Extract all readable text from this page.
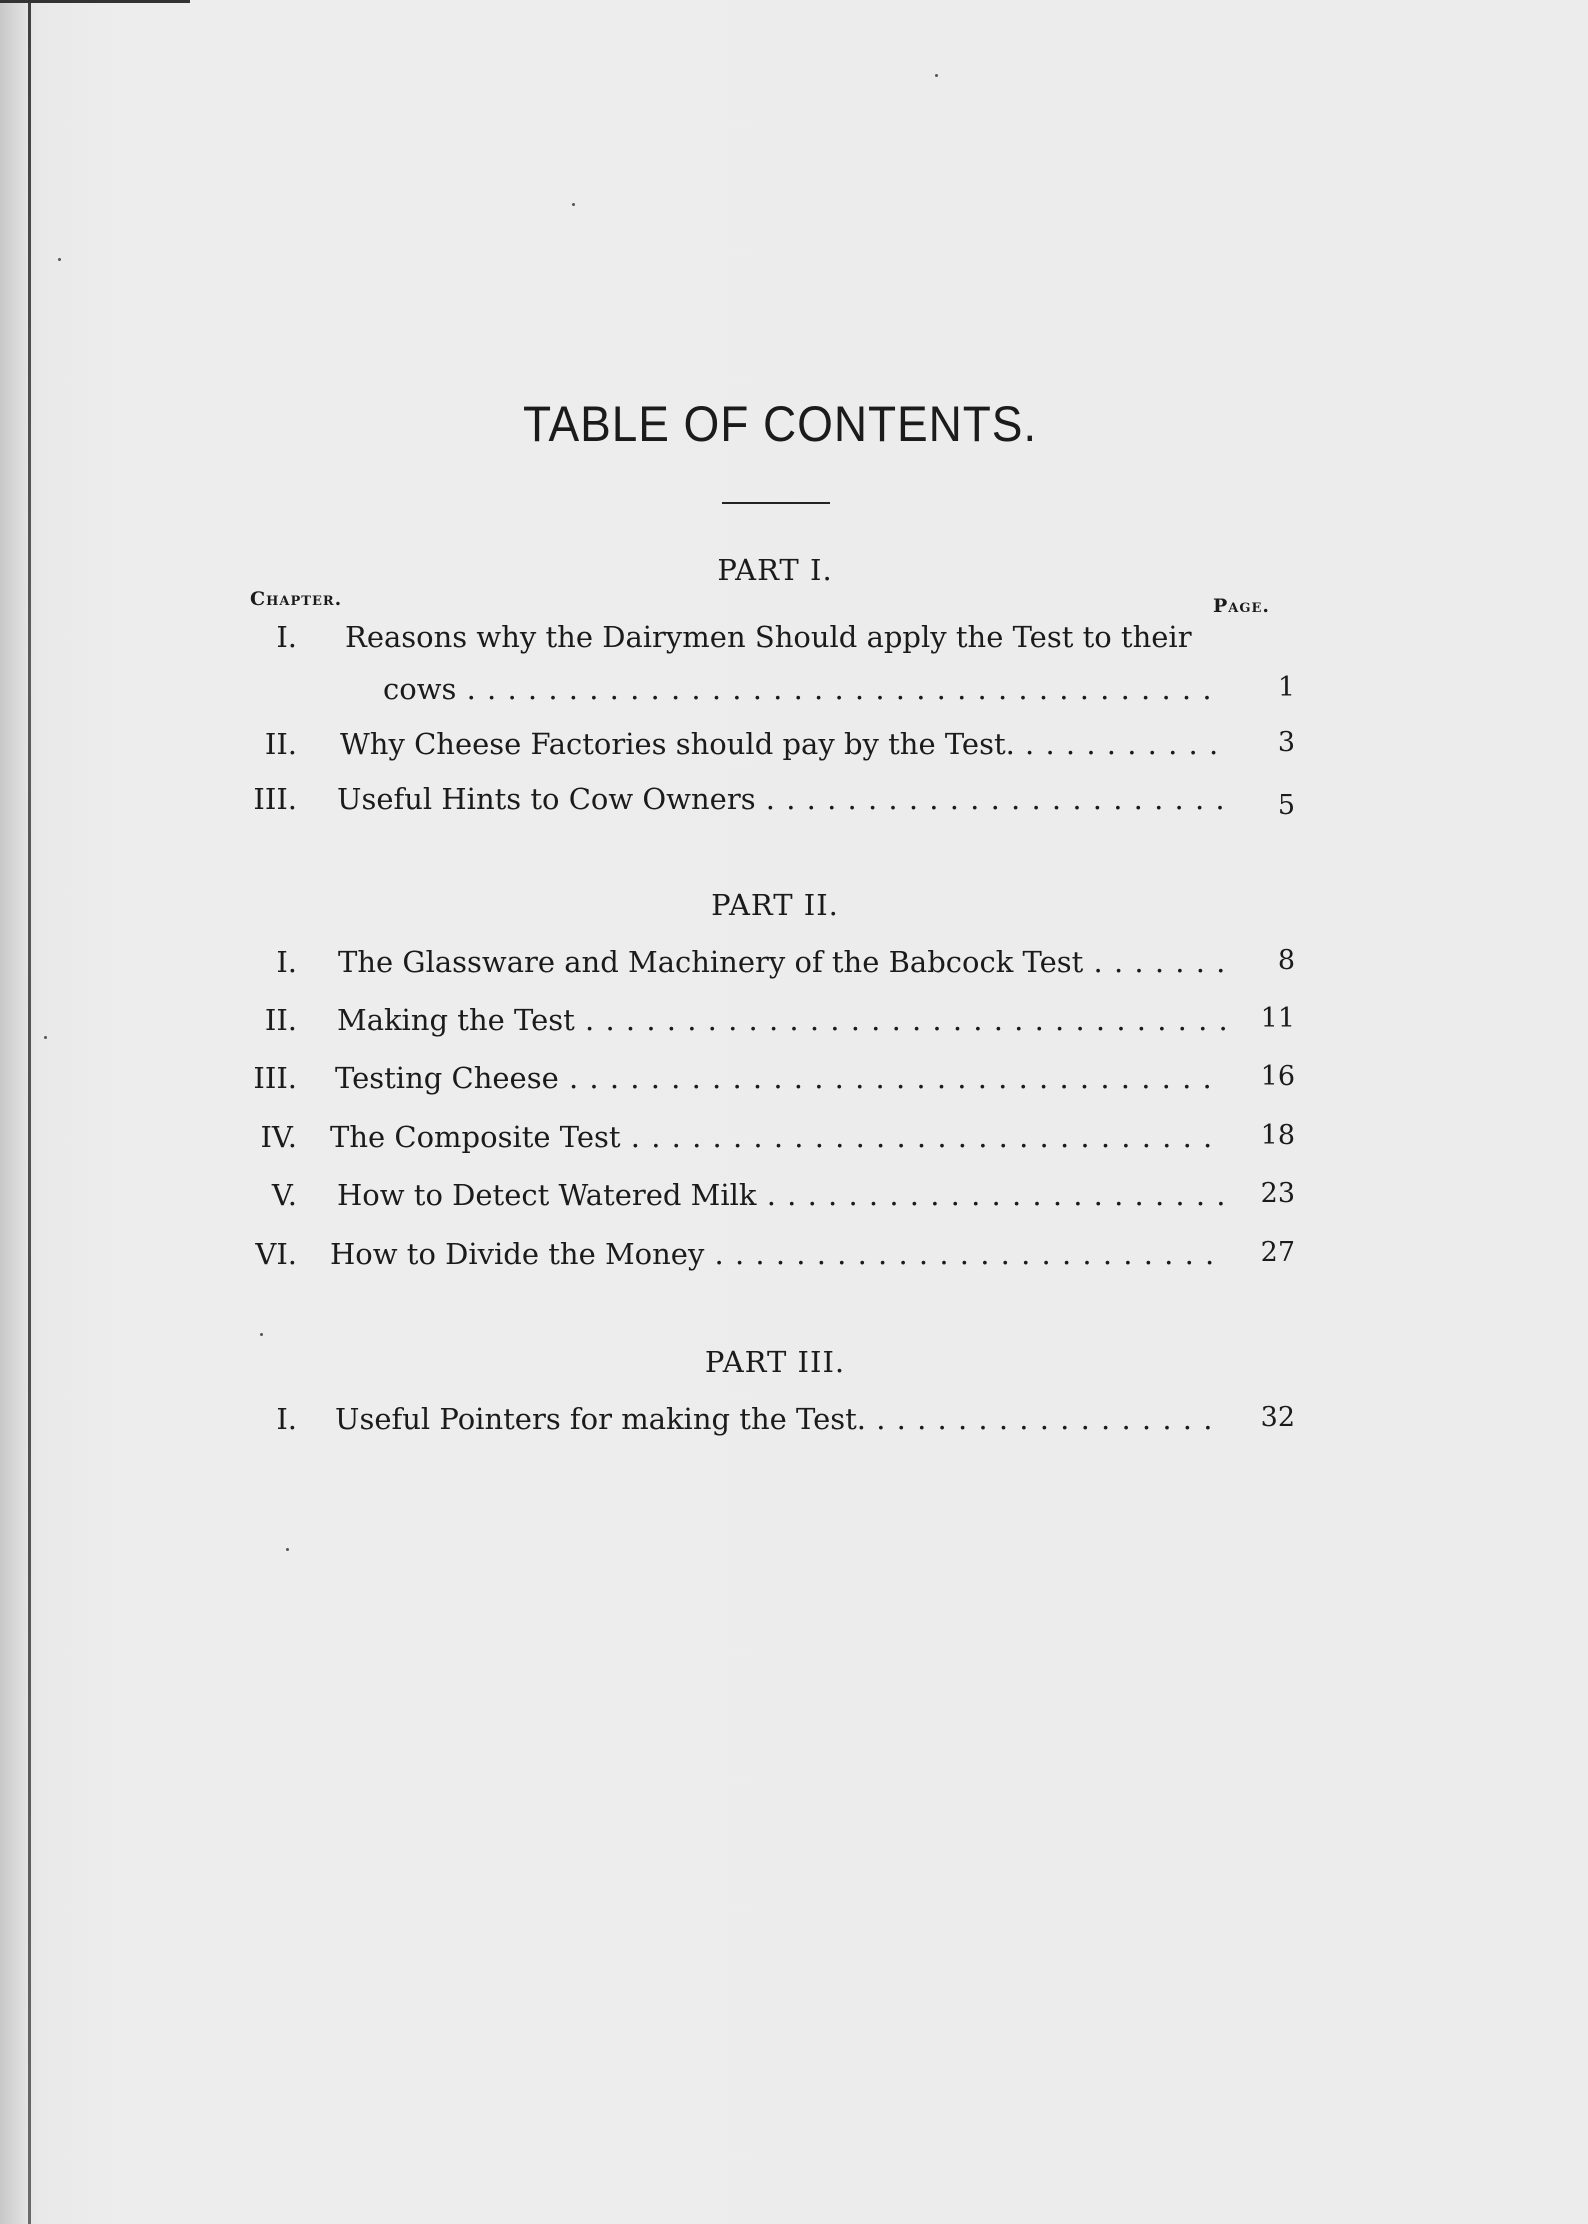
TABLE OF CONTENTS.
PART I.
Chapter.	Page.
I. Reasons why the Dairymen Should apply the Test to their
cows . . .	1
II. Why Cheese Factories should pay by the Test. . . .	3
III. Useful Hints to Cow Owners . . .	5
PART II.
I. The Glassware and Machinery of the Babcock Test . . .	8
II. Making the Test . . .	11
III. Testing Cheese . . .	16
IV. The Composite Test . . .	18
V. How to Detect Watered Milk . . .	23
VI. How to Divide the Money . . .	27
PART III.
I. Useful Pointers for making the Test. . . .	32
